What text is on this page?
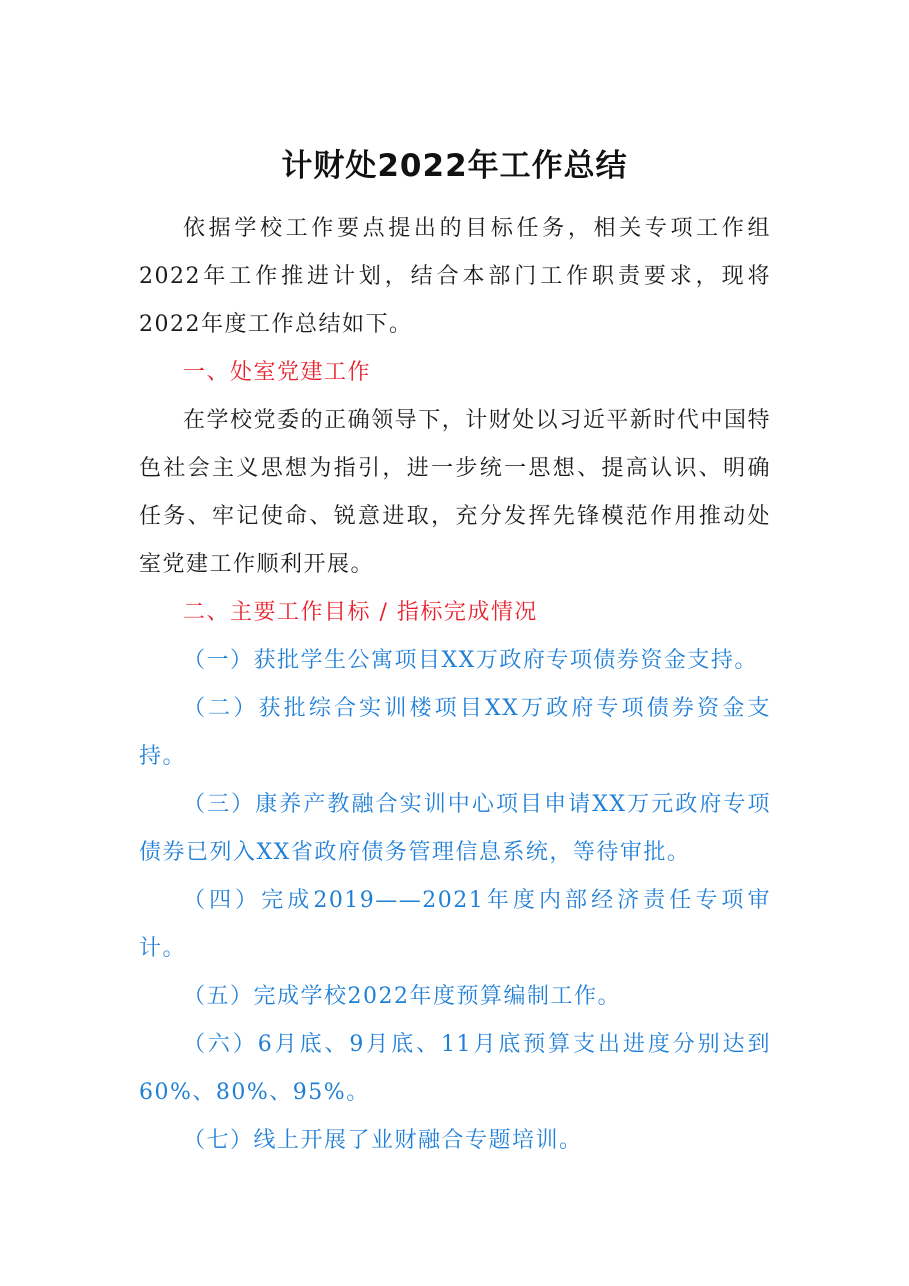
计财处2022年工作总结

依据学校工作要点提出的目标任务，相关专项工作组2022年工作推进计划，结合本部门工作职责要求，现将2022年度工作总结如下。

一、处室党建工作

在学校党委的正确领导下，计财处以习近平新时代中国特色社会主义思想为指引，进一步统一思想、提高认识、明确任务、牢记使命、锐意进取，充分发挥先锋模范作用推动处室党建工作顺利开展。

二、主要工作目标 / 指标完成情况

（一）获批学生公寓项目XX万政府专项债券资金支持。

（二）获批综合实训楼项目XX万政府专项债券资金支持。

（三）康养产教融合实训中心项目申请XX万元政府专项债券已列入XX省政府债务管理信息系统，等待审批。

（四）完成2019——2021年度内部经济责任专项审计。

（五）完成学校2022年度预算编制工作。

（六）6月底、9月底、11月底预算支出进度分别达到60%、80%、95%。

（七）线上开展了业财融合专题培训。
